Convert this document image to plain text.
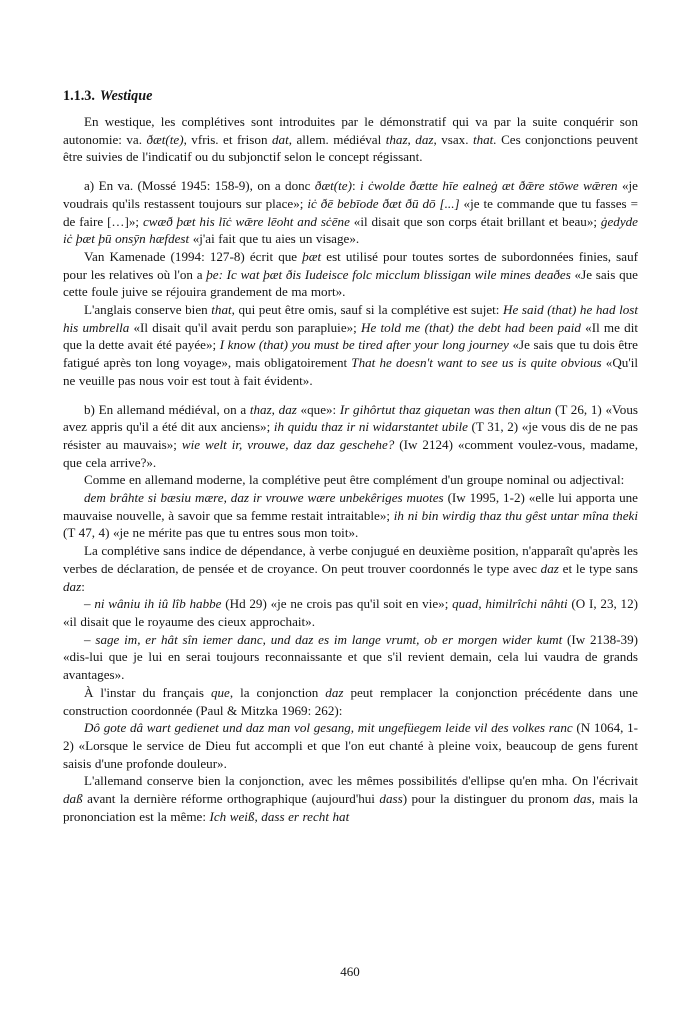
1.1.3. Westique

En westique, les complétives sont introduites par le démonstratif qui va par la suite conquérir son autonomie: va. ðæt(te), vfris. et frison dat, allem. médiéval thaz, daz, vsax. that. Ces conjonctions peuvent être suivies de l'indicatif ou du subjonctif selon le concept régissant.

a) En va. (Mossé 1945: 158-9), on a donc ðæt(te): i ċwolde ðætte hīe ealneġ æt ðǣre stōwe wǣren «je voudrais qu'ils restassent toujours sur place»; iċ ðē bebīode ðæt ðū dō [...] «je te commande que tu fasses = de faire […]»; cwæð þæt his līċ wǣre lēoht and sċēne «il disait que son corps était brillant et beau»; ġedyde iċ þæt þū onsȳn hæfdest «j'ai fait que tu aies un visage».

Van Kamenade (1994: 127-8) écrit que þæt est utilisé pour toutes sortes de subordonnées finies, sauf pour les relatives où l'on a þe: Ic wat þæt ðis Iudeisce folc micclum blissigan wile mines deaðes «Je sais que cette foule juive se réjouira grandement de ma mort».

L'anglais conserve bien that, qui peut être omis, sauf si la complétive est sujet: He said (that) he had lost his umbrella «Il disait qu'il avait perdu son parapluie»; He told me (that) the debt had been paid «Il me dit que la dette avait été payée»; I know (that) you must be tired after your long journey «Je sais que tu dois être fatigué après ton long voyage», mais obligatoirement That he doesn't want to see us is quite obvious «Qu'il ne veuille pas nous voir est tout à fait évident».

b) En allemand médiéval, on a thaz, daz «que»: Ir gihôrtut thaz giquetan was then altun (T 26, 1) «Vous avez appris qu'il a été dit aux anciens»; ih quidu thaz ir ni widarstantet ubile (T 31, 2) «je vous dis de ne pas résister au mauvais»; wie welt ir, vrouwe, daz daz geschehe? (Iw 2124) «comment voulez-vous, madame, que cela arrive?».

Comme en allemand moderne, la complétive peut être complément d'un groupe nominal ou adjectival:

dem brâhte si bæsiu mære, daz ir vrouwe wære unbekêriges muotes (Iw 1995, 1-2) «elle lui apporta une mauvaise nouvelle, à savoir que sa femme restait intraitable»; ih ni bin wirdig thaz thu gêst untar mîna theki (T 47, 4) «je ne mérite pas que tu entres sous mon toit».

La complétive sans indice de dépendance, à verbe conjugué en deuxième position, n'apparaît qu'après les verbes de déclaration, de pensée et de croyance. On peut trouver coordonnés le type avec daz et le type sans daz:

– ni wâniu ih iû lîb habbe (Hd 29) «je ne crois pas qu'il soit en vie»; quad, himilrîchi nâhti (O I, 23, 12) «il disait que le royaume des cieux approchait».

– sage im, er hât sîn iemer danc, und daz es im lange vrumt, ob er morgen wider kumt (Iw 2138-39) «dis-lui que je lui en serai toujours reconnaissante et que s'il revient demain, cela lui vaudra de grands avantages».

À l'instar du français que, la conjonction daz peut remplacer la conjonction précédente dans une construction coordonnée (Paul & Mitzka 1969: 262):

Dô gote dâ wart gedienet und daz man vol gesang, mit ungefüegem leide vil des volkes ranc (N 1064, 1-2) «Lorsque le service de Dieu fut accompli et que l'on eut chanté à pleine voix, beaucoup de gens furent saisis d'une profonde douleur».

L'allemand conserve bien la conjonction, avec les mêmes possibilités d'ellipse qu'en mha. On l'écrivait daß avant la dernière réforme orthographique (aujourd'hui dass) pour la distinguer du pronom das, mais la prononciation est la même: Ich weiß, dass er recht hat

460
